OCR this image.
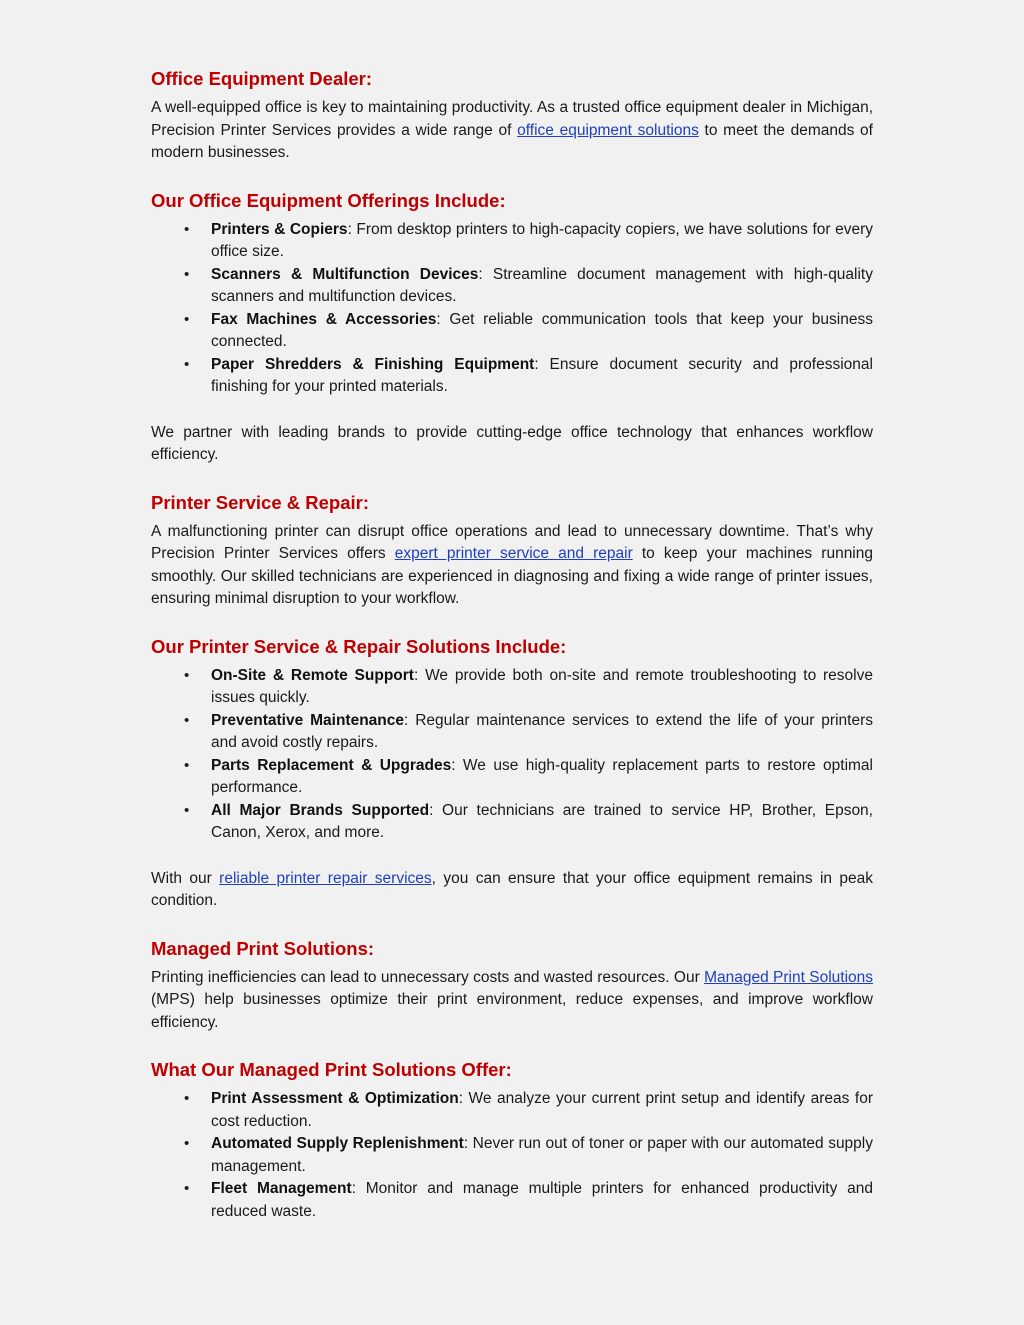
Office Equipment Dealer:

A well-equipped office is key to maintaining productivity. As a trusted office equipment dealer in Michigan, Precision Printer Services provides a wide range of office equipment solutions to meet the demands of modern businesses.

Our Office Equipment Offerings Include:
• Printers & Copiers: From desktop printers to high-capacity copiers, we have solutions for every office size.
• Scanners & Multifunction Devices: Streamline document management with high-quality scanners and multifunction devices.
• Fax Machines & Accessories: Get reliable communication tools that keep your business connected.
• Paper Shredders & Finishing Equipment: Ensure document security and professional finishing for your printed materials.

We partner with leading brands to provide cutting-edge office technology that enhances workflow efficiency.

Printer Service & Repair:

A malfunctioning printer can disrupt office operations and lead to unnecessary downtime. That’s why Precision Printer Services offers expert printer service and repair to keep your machines running smoothly. Our skilled technicians are experienced in diagnosing and fixing a wide range of printer issues, ensuring minimal disruption to your workflow.

Our Printer Service & Repair Solutions Include:
• On-Site & Remote Support: We provide both on-site and remote troubleshooting to resolve issues quickly.
• Preventative Maintenance: Regular maintenance services to extend the life of your printers and avoid costly repairs.
• Parts Replacement & Upgrades: We use high-quality replacement parts to restore optimal performance.
• All Major Brands Supported: Our technicians are trained to service HP, Brother, Epson, Canon, Xerox, and more.

With our reliable printer repair services, you can ensure that your office equipment remains in peak condition.

Managed Print Solutions:

Printing inefficiencies can lead to unnecessary costs and wasted resources. Our Managed Print Solutions (MPS) help businesses optimize their print environment, reduce expenses, and improve workflow efficiency.

What Our Managed Print Solutions Offer:
• Print Assessment & Optimization: We analyze your current print setup and identify areas for cost reduction.
• Automated Supply Replenishment: Never run out of toner or paper with our automated supply management.
• Fleet Management: Monitor and manage multiple printers for enhanced productivity and reduced waste.
